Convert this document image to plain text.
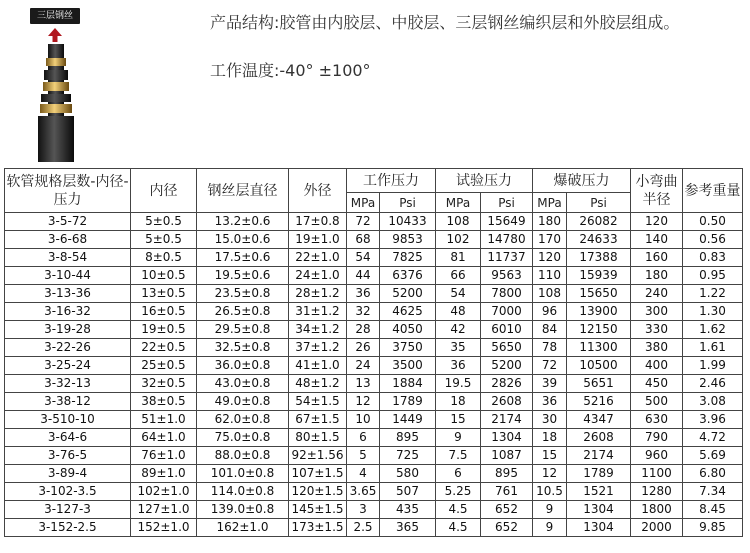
三层钢丝	产品结构:胶管由内胶层、中胶层、三层钢丝编织层和外胶层组成。
工作温度:-40° ±100°
软管规格层数-内径-压力	内径	钢丝层直径	外径	工作压力		试验压力		爆破压力		小弯曲半径	参考重量
				MPa	Psi	MPa	Psi	MPa	Psi		
3-5-72	5±0.5	13.2±0.6	17±0.8	72	10433	108	15649	180	26082	120	0.50
3-6-68	5±0.5	15.0±0.6	19±1.0	68	9853	102	14780	170	24633	140	0.56
3-8-54	8±0.5	17.5±0.6	22±1.0	54	7825	81	11737	120	17388	160	0.83
3-10-44	10±0.5	19.5±0.6	24±1.0	44	6376	66	9563	110	15939	180	0.95
3-13-36	13±0.5	23.5±0.8	28±1.2	36	5200	54	7800	108	15650	240	1.22
3-16-32	16±0.5	26.5±0.8	31±1.2	32	4625	48	7000	96	13900	300	1.30
3-19-28	19±0.5	29.5±0.8	34±1.2	28	4050	42	6010	84	12150	330	1.62
3-22-26	22±0.5	32.5±0.8	37±1.2	26	3750	35	5650	78	11300	380	1.61
3-25-24	25±0.5	36.0±0.8	41±1.0	24	3500	36	5200	72	10500	400	1.99
3-32-13	32±0.5	43.0±0.8	48±1.2	13	1884	19.5	2826	39	5651	450	2.46
3-38-12	38±0.5	49.0±0.8	54±1.5	12	1789	18	2608	36	5216	500	3.08
3-510-10	51±1.0	62.0±0.8	67±1.5	10	1449	15	2174	30	4347	630	3.96
3-64-6	64±1.0	75.0±0.8	80±1.5	6	895	9	1304	18	2608	790	4.72
3-76-5	76±1.0	88.0±0.8	92±1.56	5	725	7.5	1087	15	2174	960	5.69
3-89-4	89±1.0	101.0±0.8	107±1.5	4	580	6	895	12	1789	1100	6.80
3-102-3.5	102±1.0	114.0±0.8	120±1.5	3.65	507	5.25	761	10.5	1521	1280	7.34
3-127-3	127±1.0	139.0±0.8	145±1.5	3	435	4.5	652	9	1304	1800	8.45
3-152-2.5	152±1.0	162±1.0	173±1.5	2.5	365	4.5	652	9	1304	2000	9.85
